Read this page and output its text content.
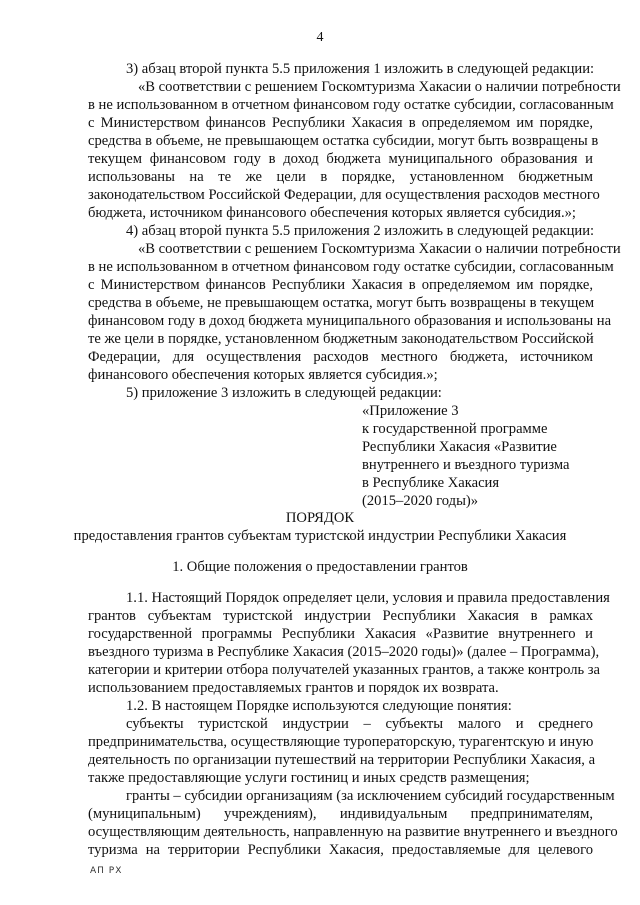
4
3) абзац второй пункта 5.5 приложения 1 изложить в следующей редакции:
«В соответствии с решением Госкомтуризма Хакасии о наличии потребности
в не использованном в отчетном финансовом году остатке субсидии, согласованным
с Министерством финансов Республики Хакасия в определяемом им порядке,
средства в объеме, не превышающем остатка субсидии, могут быть возвращены в
текущем финансовом году в доход бюджета муниципального образования и
использованы на те же цели в порядке, установленном бюджетным
законодательством Российской Федерации, для осуществления расходов местного
бюджета, источником финансового обеспечения которых является субсидия.»;
4) абзац второй пункта 5.5 приложения 2 изложить в следующей редакции:
«В соответствии с решением Госкомтуризма Хакасии о наличии потребности
в не использованном в отчетном финансовом году остатке субсидии, согласованным
с Министерством финансов Республики Хакасия в определяемом им порядке,
средства в объеме, не превышающем остатка, могут быть возвращены в текущем
финансовом году в доход бюджета муниципального образования и использованы на
те же цели в порядке, установленном бюджетным законодательством Российской
Федерации, для осуществления расходов местного бюджета, источником
финансового обеспечения которых является субсидия.»;
5) приложение 3 изложить в следующей редакции:
«Приложение 3
к государственной программе
Республики Хакасия «Развитие
внутреннего и въездного туризма
в Республике Хакасия
(2015–2020 годы)»
ПОРЯДОК
предоставления грантов субъектам туристской индустрии Республики Хакасия
1. Общие положения о предоставлении грантов
1.1. Настоящий Порядок определяет цели, условия и правила предоставления
грантов субъектам туристской индустрии Республики Хакасия в рамках
государственной программы Республики Хакасия «Развитие внутреннего и
въездного туризма в Республике Хакасия (2015–2020 годы)» (далее – Программа),
категории и критерии отбора получателей указанных грантов, а также контроль за
использованием предоставляемых грантов и порядок их возврата.
1.2. В настоящем Порядке используются следующие понятия:
субъекты туристской индустрии – субъекты малого и среднего
предпринимательства, осуществляющие туроператорскую, турагентскую и иную
деятельность по организации путешествий на территории Республики Хакасия, а
также предоставляющие услуги гостиниц и иных средств размещения;
гранты – субсидии организациям (за исключением субсидий государственным
(муниципальным) учреждениям), индивидуальным предпринимателям,
осуществляющим деятельность, направленную на развитие внутреннего и въездного
туризма на территории Республики Хакасия, предоставляемые для целевого
АП РХ
